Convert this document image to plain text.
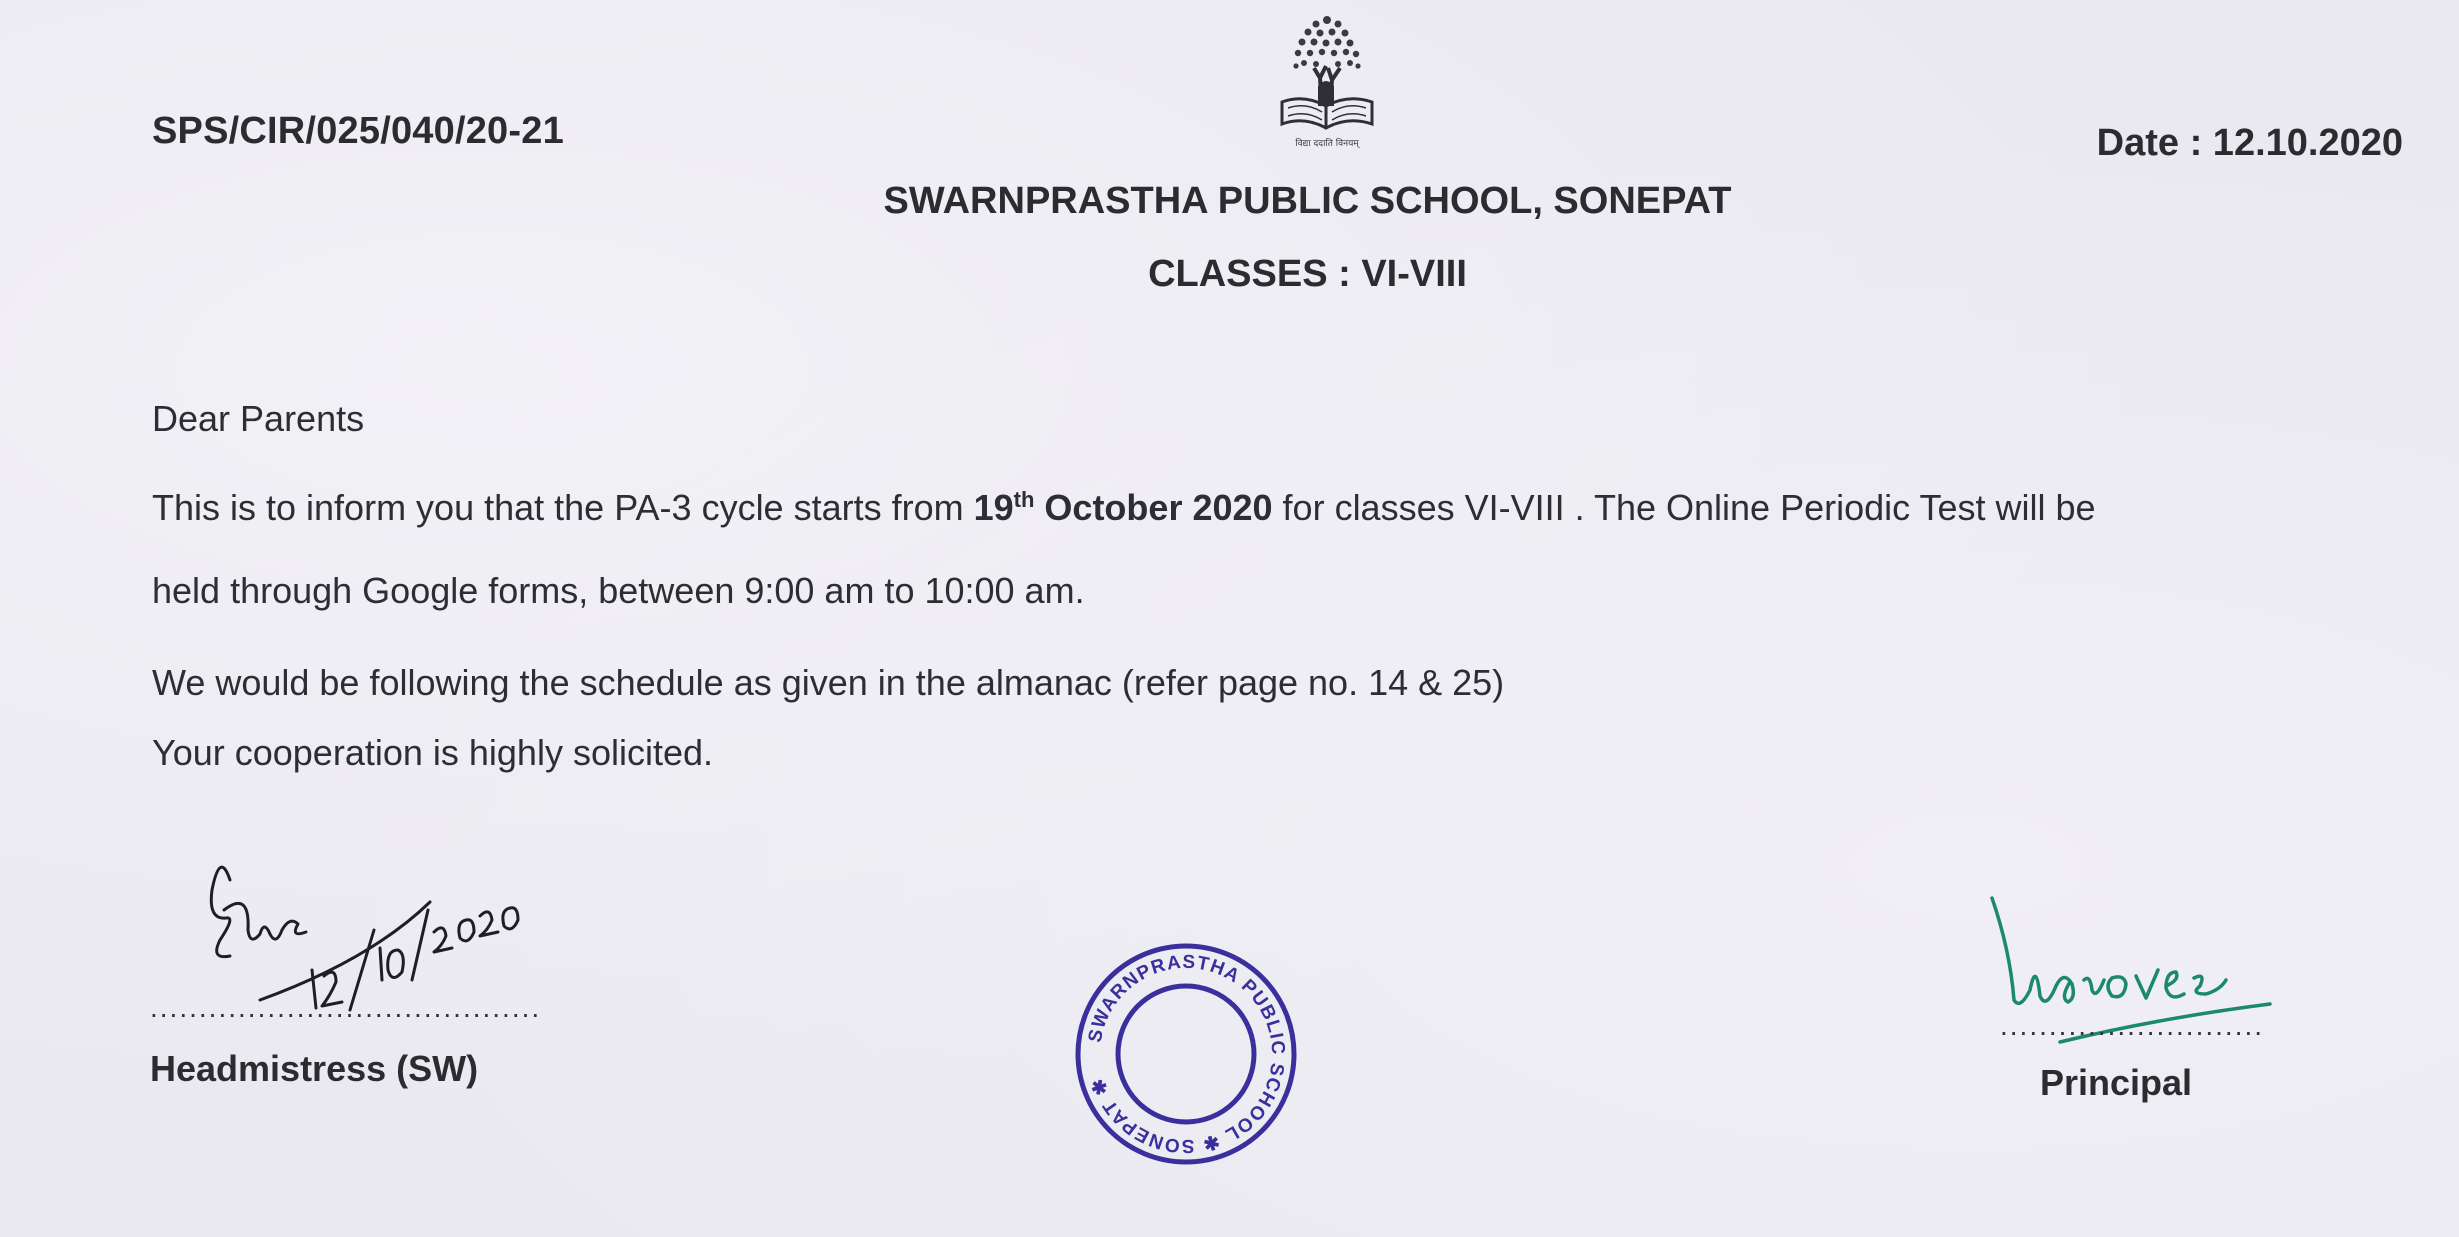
SPS/CIR/025/040/20-21	विद्या ददाति विनयम्	Date : 12.10.2020
SWARNPRASTHA PUBLIC SCHOOL, SONEPAT
CLASSES : VI-VIII
Dear Parents
This is to inform you that the PA-3 cycle starts from 19th October 2020 for classes VI-VIII . The Online Periodic Test will be
held through Google forms, between 9:00 am to 10:00 am.
We would be following the schedule as given in the almanac (refer page no. 14 & 25)
Your cooperation is highly solicited.
........................................
Headmistress (SW)
SWARNPRASTHA PUBLIC SCHOOL ✱ SONEPAT ✱
...........................
Principal
